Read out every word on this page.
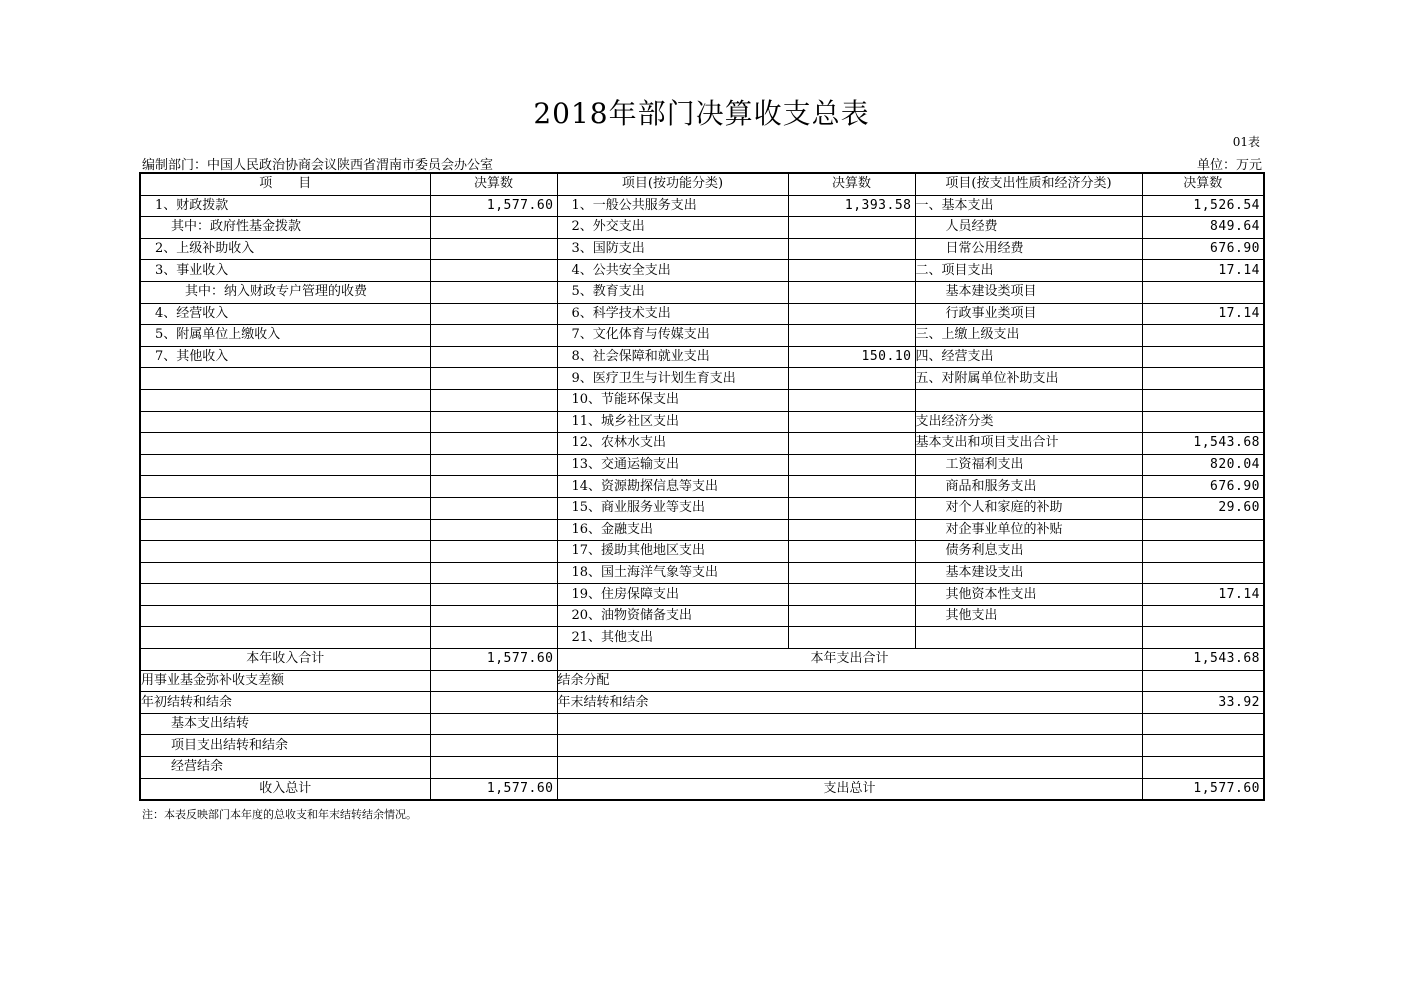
2018年部门决算收支总表
01表
编制部门：中国人民政治协商会议陕西省渭南市委员会办公室	单位：万元
项　　目	决算数	项目(按功能分类)	决算数	项目(按支出性质和经济分类)	决算数
1、财政拨款	1,577.60	1、一般公共服务支出	1,393.58	一、基本支出	1,526.54
其中：政府性基金拨款		2、外交支出		人员经费	849.64
2、上级补助收入		3、国防支出		日常公用经费	676.90
3、事业收入		4、公共安全支出		二、项目支出	17.14
其中：纳入财政专户管理的收费		5、教育支出		基本建设类项目	
4、经营收入		6、科学技术支出		行政事业类项目	17.14
5、附属单位上缴收入		7、文化体育与传媒支出		三、上缴上级支出	
7、其他收入		8、社会保障和就业支出	150.10	四、经营支出	
		9、医疗卫生与计划生育支出		五、对附属单位补助支出	
		10、节能环保支出			
		11、城乡社区支出		支出经济分类	
		12、农林水支出		基本支出和项目支出合计	1,543.68
		13、交通运输支出		工资福利支出	820.04
		14、资源勘探信息等支出		商品和服务支出	676.90
		15、商业服务业等支出		对个人和家庭的补助	29.60
		16、金融支出		对企事业单位的补贴	
		17、援助其他地区支出		债务利息支出	
		18、国土海洋气象等支出		基本建设支出	
		19、住房保障支出		其他资本性支出	17.14
		20、油物资储备支出		其他支出	
		21、其他支出			
本年收入合计	1,577.60	本年支出合计			1,543.68
用事业基金弥补收支差额		结余分配			
年初结转和结余		年末结转和结余			33.92
基本支出结转					
项目支出结转和结余					
经营结余					
收入总计	1,577.60	支出总计			1,577.60
注：本表反映部门本年度的总收支和年末结转结余情况。
